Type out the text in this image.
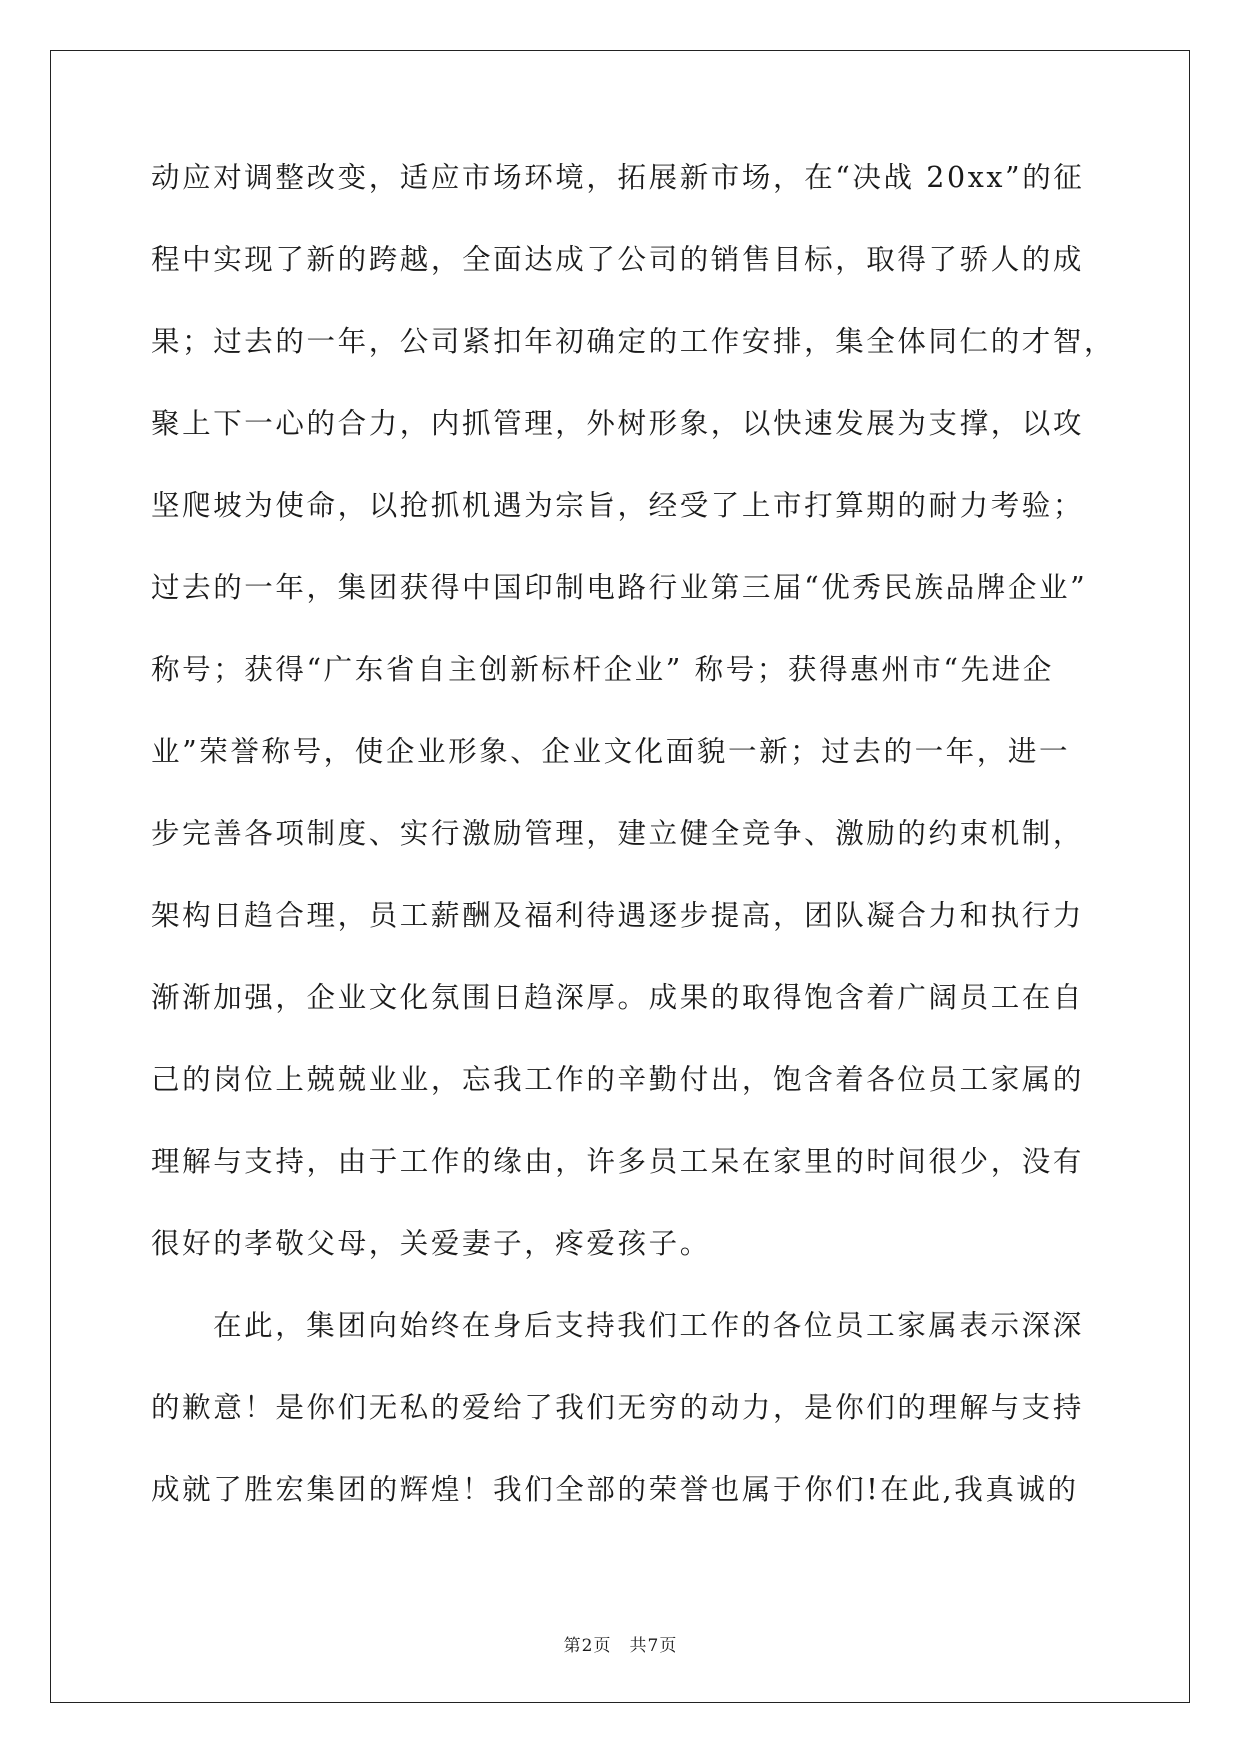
动应对调整改变，适应市场环境，拓展新市场，在“决战 20xx”的征
程中实现了新的跨越，全面达成了公司的销售目标，取得了骄人的成
果；过去的一年，公司紧扣年初确定的工作安排，集全体同仁的才智，
聚上下一心的合力，内抓管理，外树形象，以快速发展为支撑，以攻
坚爬坡为使命，以抢抓机遇为宗旨，经受了上市打算期的耐力考验；
过去的一年，集团获得中国印制电路行业第三届“优秀民族品牌企业”
称号；获得“广东省自主创新标杆企业” 称号；获得惠州市“先进企
业”荣誉称号，使企业形象、企业文化面貌一新；过去的一年，进一
步完善各项制度、实行激励管理，建立健全竞争、激励的约束机制，
架构日趋合理，员工薪酬及福利待遇逐步提高，团队凝合力和执行力
渐渐加强，企业文化氛围日趋深厚。成果的取得饱含着广阔员工在自
己的岗位上兢兢业业，忘我工作的辛勤付出，饱含着各位员工家属的
理解与支持，由于工作的缘由，许多员工呆在家里的时间很少，没有
很好的孝敬父母，关爱妻子，疼爱孩子。
在此，集团向始终在身后支持我们工作的各位员工家属表示深深
的歉意！是你们无私的爱给了我们无穷的动力，是你们的理解与支持
成就了胜宏集团的辉煌！我们全部的荣誉也属于你们!在此,我真诚的
第2页 共7页
